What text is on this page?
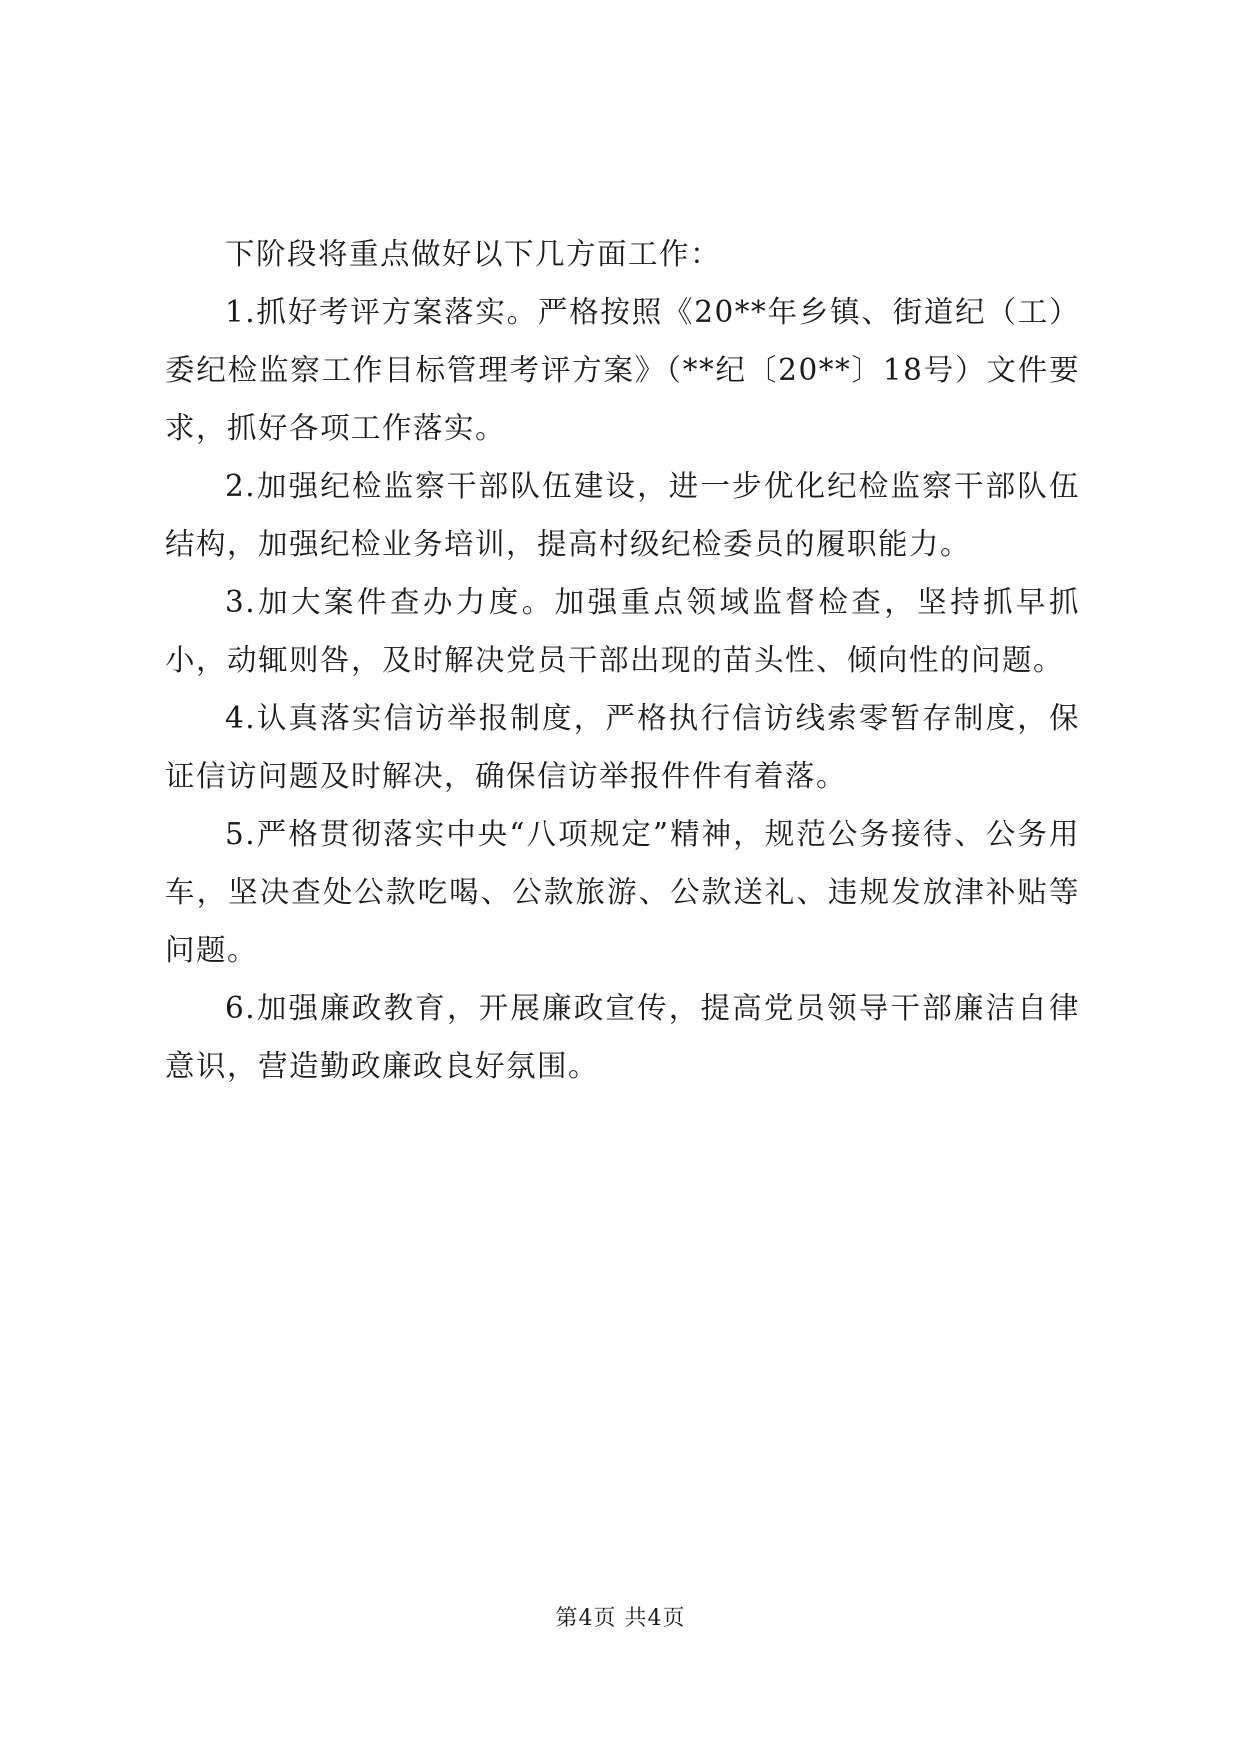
下阶段将重点做好以下几方面工作：

1.抓好考评方案落实。严格按照《20**年乡镇、街道纪（工）委纪检监察工作目标管理考评方案》（**纪〔20**〕18号）文件要求，抓好各项工作落实。

2.加强纪检监察干部队伍建设，进一步优化纪检监察干部队伍结构，加强纪检业务培训，提高村级纪检委员的履职能力。

3.加大案件查办力度。加强重点领域监督检查，坚持抓早抓小，动辄则咎，及时解决党员干部出现的苗头性、倾向性的问题。

4.认真落实信访举报制度，严格执行信访线索零暂存制度，保证信访问题及时解决，确保信访举报件件有着落。

5.严格贯彻落实中央“八项规定”精神，规范公务接待、公务用车，坚决查处公款吃喝、公款旅游、公款送礼、违规发放津补贴等问题。

6.加强廉政教育，开展廉政宣传，提高党员领导干部廉洁自律意识，营造勤政廉政良好氛围。

第4页 共4页
